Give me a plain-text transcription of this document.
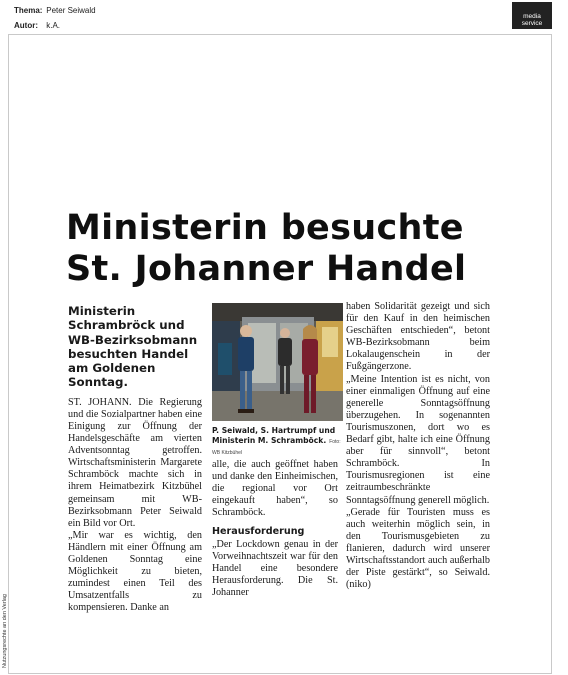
Thema: Peter Seiwald
Autor: k.A.
media
service
Nutzungsrechte an den Verlag
Ministerin besuchte
St. Johanner Handel

Ministerin Schrambröck und WB-Bezirksobmann besuchten Handel am Goldenen Sonntag.

ST. JOHANN. Die Regierung und die Sozialpartner haben eine Einigung zur Öffnung der Handelsgeschäfte am vierten Adventsonntag getroffen. Wirtschaftsministerin Margarete Schramböck machte sich in ihrem Heimatbezirk Kitzbühel gemeinsam mit WB-Bezirksobmann Peter Seiwald ein Bild vor Ort.

„Mir war es wichtig, den Händlern mit einer Öffnung am Goldenen Sonntag eine Möglichkeit zu bieten, zumindest einen Teil des Umsatzentfalls zu kompensieren. Danke an

P. Seiwald, S. Hartrumpf und Ministerin M. Schramböck. Foto: WB Kitzbühel

alle, die auch geöffnet haben und danke den Einheimischen, die regional vor Ort eingekauft haben“, so Schramböck.

Herausforderung

„Der Lockdown genau in der Vorweihnachtszeit war für den Handel eine besondere Herausforderung. Die St. Johanner

haben Solidarität gezeigt und sich für den Kauf in den heimischen Geschäften entschieden“, betont WB-Bezirksobmann beim Lokalaugenschein in der Fußgängerzone.

„Meine Intention ist es nicht, von einer einmaligen Öffnung auf eine generelle Sonntagsöffnung überzugehen. In sogenannten Tourismuszonen, dort wo es Bedarf gibt, halte ich eine Öffnung aber für sinnvoll“, betont Schramböck. In Tourismusregionen ist eine zeitraumbeschränkte Sonntagsöffnung generell möglich.

„Gerade für Touristen muss es auch weiterhin möglich sein, in den Tourismusgebieten zu flanieren, dadurch wird unserer Wirtschaftsstandort auch außerhalb der Piste gestärkt“, so Seiwald. (niko)
